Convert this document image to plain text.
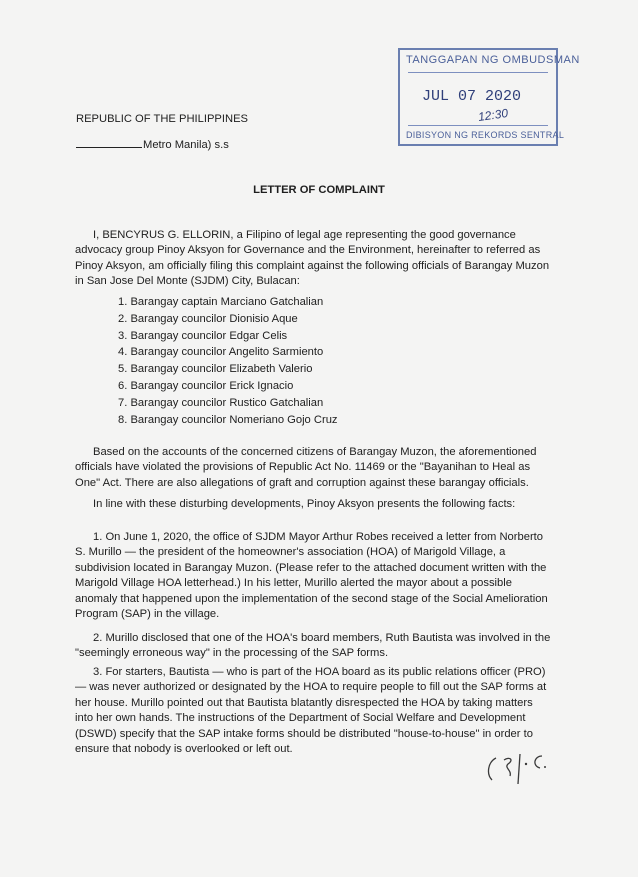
TANGGAPAN NG OMBUDSMAN
JUL 07 2020
12:30
DIBISYON NG REKORDS SENTRAL
REPUBLIC OF THE PHILIPPINES
Metro Manila) s.s
LETTER OF COMPLAINT
I, BENCYRUS G. ELLORIN, a Filipino of legal age representing the good governance advocacy group Pinoy Aksyon for Governance and the Environment, hereinafter to referred as Pinoy Aksyon, am officially filing this complaint against the following officials of Barangay Muzon in San Jose Del Monte (SJDM) City, Bulacan:
1. Barangay captain Marciano Gatchalian
2. Barangay councilor Dionisio Aque
3. Barangay councilor Edgar Celis
4. Barangay councilor Angelito Sarmiento
5. Barangay councilor Elizabeth Valerio
6. Barangay councilor Erick Ignacio
7. Barangay councilor Rustico Gatchalian
8. Barangay councilor Nomeriano Gojo Cruz
Based on the accounts of the concerned citizens of Barangay Muzon, the aforementioned officials have violated the provisions of Republic Act No. 11469 or the "Bayanihan to Heal as One" Act. There are also allegations of graft and corruption against these barangay officials.
In line with these disturbing developments, Pinoy Aksyon presents the following facts:
1. On June 1, 2020, the office of SJDM Mayor Arthur Robes received a letter from Norberto S. Murillo — the president of the homeowner's association (HOA) of Marigold Village, a subdivision located in Barangay Muzon. (Please refer to the attached document written with the Marigold Village HOA letterhead.) In his letter, Murillo alerted the mayor about a possible anomaly that happened upon the implementation of the second stage of the Social Amelioration Program (SAP) in the village.
2. Murillo disclosed that one of the HOA's board members, Ruth Bautista was involved in the "seemingly erroneous way" in the processing of the SAP forms.
3. For starters, Bautista — who is part of the HOA board as its public relations officer (PRO) — was never authorized or designated by the HOA to require people to fill out the SAP forms at her house. Murillo pointed out that Bautista blatantly disrespected the HOA by taking matters into her own hands. The instructions of the Department of Social Welfare and Development (DSWD) specify that the SAP intake forms should be distributed "house-to-house" in order to ensure that nobody is overlooked or left out.
